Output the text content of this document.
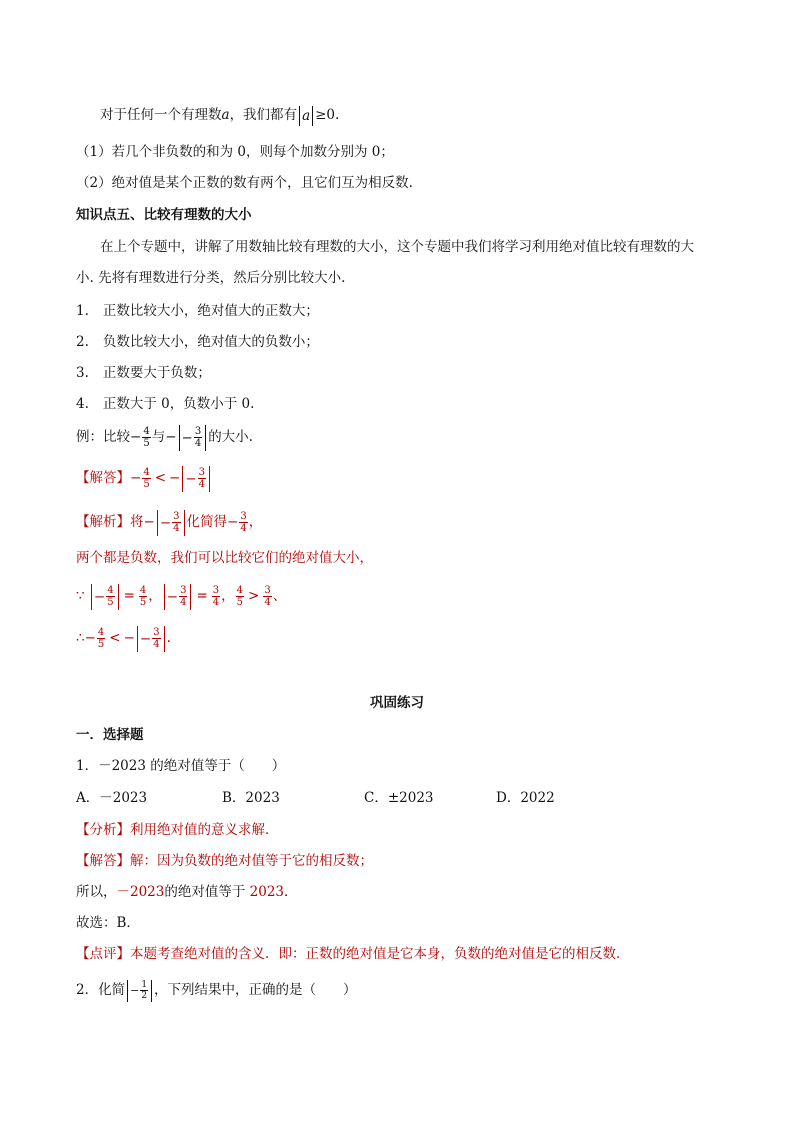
对于任何一个有理数a，我们都有 a ≥0.
（1）若几个非负数的和为 0，则每个加数分别为 0；
（2）绝对值是某个正数的数有两个，且它们互为相反数.
知识点五、比较有理数的大小
在上个专题中，讲解了用数轴比较有理数的大小，这个专题中我们将学习利用绝对值比较有理数的大
小. 先将有理数进行分类，然后分别比较大小.
1. 正数比较大小，绝对值大的正数大；
2. 负数比较大小，绝对值大的负数小；
3. 正数要大于负数；
4. 正数大于 0，负数小于 0.
例：比较− $\frac{4}{5}$ 与− − $\frac{3}{4}$ 的大小.
【解答】− $\frac{4}{5}$ < − − $\frac{3}{4}$
【解析】将− − $\frac{3}{4}$ 化简得− $\frac{3}{4}$ ，
两个都是负数，我们可以比较它们的绝对值大小，
∵ − $\frac{4}{5} = \frac{4}{5}$ ， − $\frac{3}{4} = \frac{3}{4}$ ， $\frac{4}{5} > \frac{3}{4}$ 、
∴− $\frac{4}{5}$ < − − $\frac{3}{4}$ .
巩固练习
一．选择题
1．－2023 的绝对值等于（　　）
A．－2023	B．2023	C．±2023	D．2022
【分析】利用绝对值的意义求解．
【解答】解：因为负数的绝对值等于它的相反数；
所以，－2023的绝对值等于 2023．
故选：B．
【点评】本题考查绝对值的含义．即：正数的绝对值是它本身，负数的绝对值是它的相反数．
2．化简 − $\frac{1}{2}$ ，下列结果中，正确的是（　　）
